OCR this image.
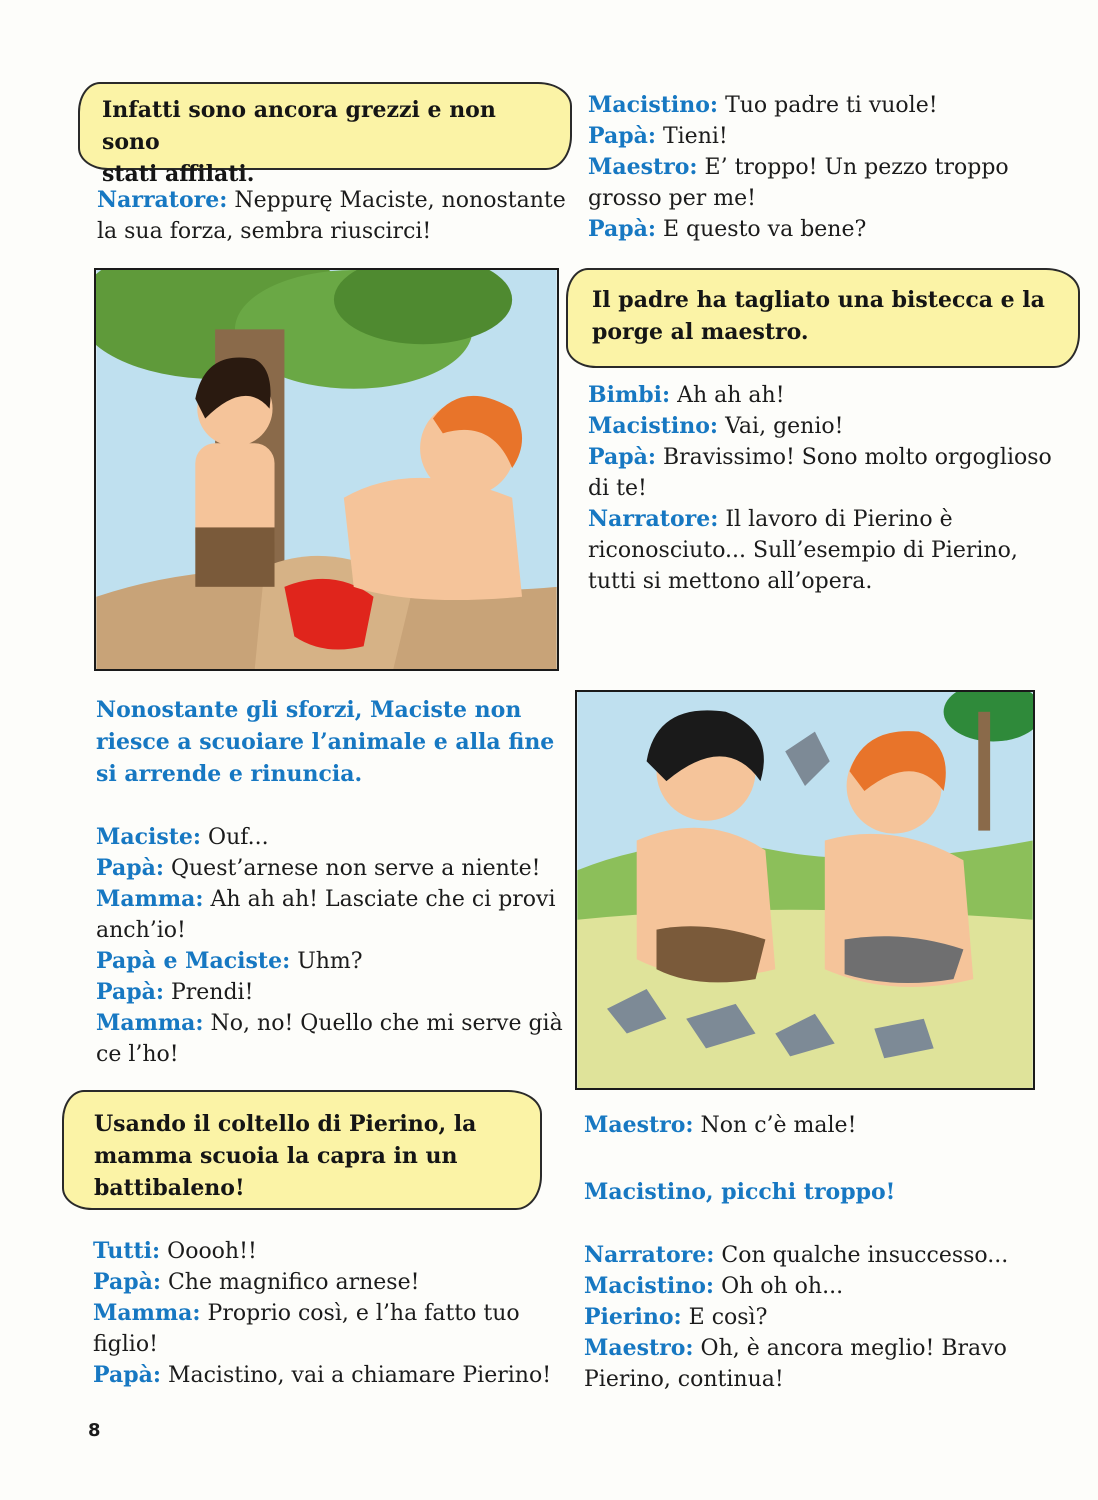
Infatti sono ancora grezzi e non sono
stati affilati.
Narratore: Neppurę Maciste, nonostante
la sua forza, sembra riuscirci!
Nonostante gli sforzi, Maciste non
riesce a scuoiare l’animale e alla fine
si arrende e rinuncia.
Maciste: Ouf...
Papà: Quest’arnese non serve a niente!
Mamma: Ah ah ah! Lasciate che ci provi
anch’io!
Papà e Maciste: Uhm?
Papà: Prendi!
Mamma: No, no! Quello che mi serve già
ce l’ho!
Usando il coltello di Pierino, la
mamma scuoia la capra in un
battibaleno!
Tutti: Ooooh!!
Papà: Che magnifico arnese!
Mamma: Proprio così, e l’ha fatto tuo
figlio!
Papà: Macistino, vai a chiamare Pierino!
Macistino: Tuo padre ti vuole!
Papà: Tieni!
Maestro: E’ troppo! Un pezzo troppo
grosso per me!
Papà: E questo va bene?
Il padre ha tagliato una bistecca e la
porge al maestro.
Bimbi: Ah ah ah!
Macistino: Vai, genio!
Papà: Bravissimo! Sono molto orgoglioso
di te!
Narratore: Il lavoro di Pierino è
riconosciuto... Sull’esempio di Pierino,
tutti si mettono all’opera.
Maestro: Non c’è male!
Macistino, picchi troppo!
Narratore: Con qualche insuccesso...
Macistino: Oh oh oh...
Pierino: E così?
Maestro: Oh, è ancora meglio! Bravo
Pierino, continua!
8
